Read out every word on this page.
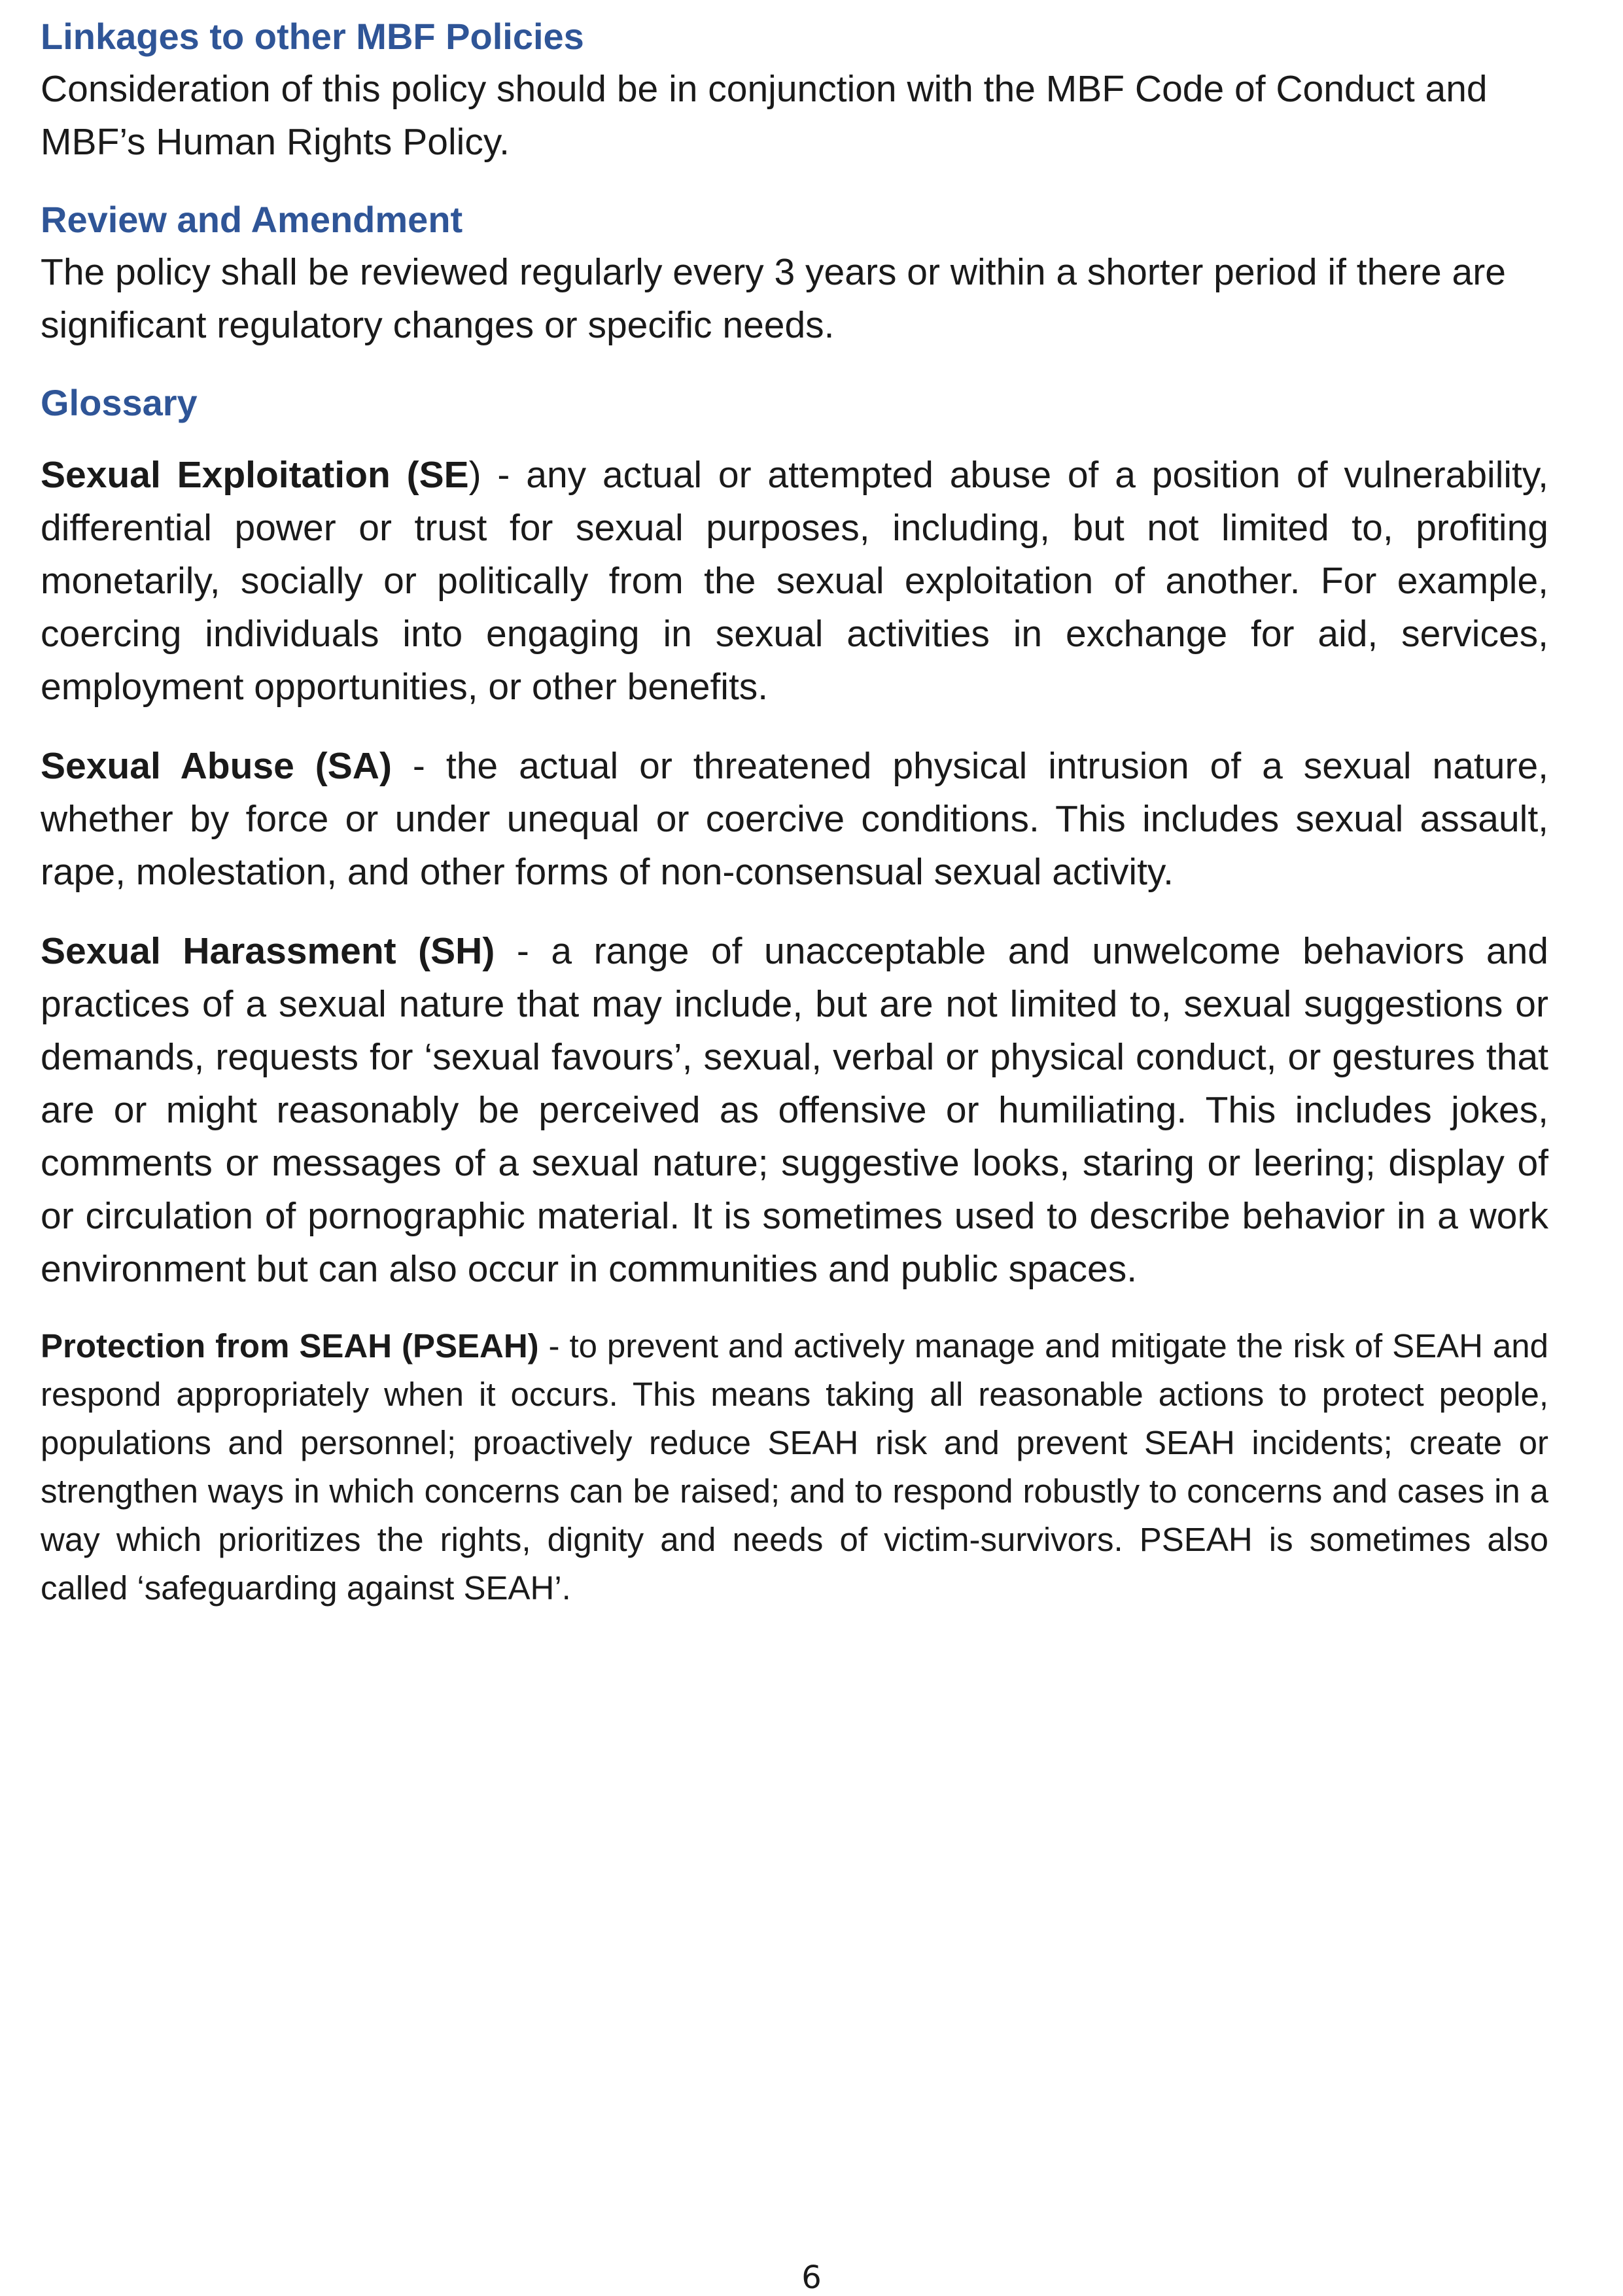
Linkages to other MBF Policies

Consideration of this policy should be in conjunction with the MBF Code of Conduct and MBF’s Human Rights Policy.

Review and Amendment

The policy shall be reviewed regularly every 3 years or within a shorter period if there are significant regulatory changes or specific needs.

Glossary

Sexual Exploitation (SE) - any actual or attempted abuse of a position of vulnerability, differential power or trust for sexual purposes, including, but not limited to, profiting monetarily, socially or politically from the sexual exploitation of another. For example, coercing individuals into engaging in sexual activities in exchange for aid, services, employment opportunities, or other benefits.

Sexual Abuse (SA) - the actual or threatened physical intrusion of a sexual nature, whether by force or under unequal or coercive conditions. This includes sexual assault, rape, molestation, and other forms of non-consensual sexual activity.

Sexual Harassment (SH) - a range of unacceptable and unwelcome behaviors and practices of a sexual nature that may include, but are not limited to, sexual suggestions or demands, requests for ‘sexual favours’, sexual, verbal or physical conduct, or gestures that are or might reasonably be perceived as offensive or humiliating. This includes jokes, comments or messages of a sexual nature; suggestive looks, staring or leering; display of or circulation of pornographic material. It is sometimes used to describe behavior in a work environment but can also occur in communities and public spaces.

Protection from SEAH (PSEAH) - to prevent and actively manage and mitigate the risk of SEAH and respond appropriately when it occurs. This means taking all reasonable actions to protect people, populations and personnel; proactively reduce SEAH risk and prevent SEAH incidents; create or strengthen ways in which concerns can be raised; and to respond robustly to concerns and cases in a way which prioritizes the rights, dignity and needs of victim-survivors. PSEAH is sometimes also called ‘safeguarding against SEAH’.

6
